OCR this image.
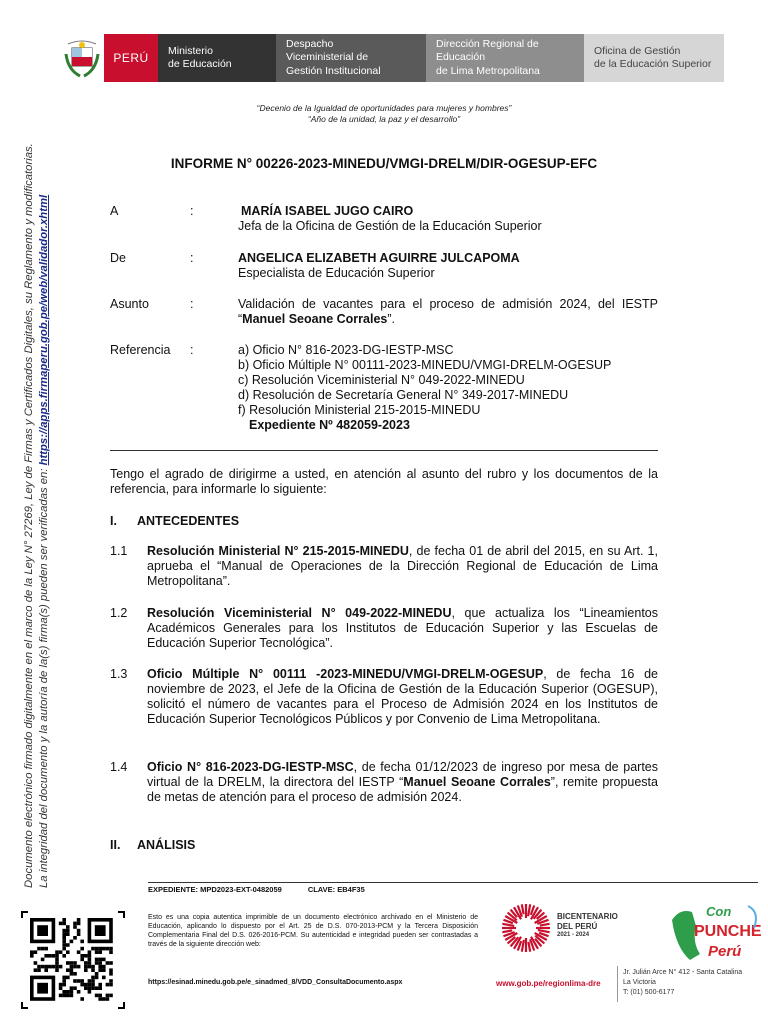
PERÚ
Ministerio
de Educación
Despacho
Viceministerial de
Gestión Institucional
Dirección Regional de
Educación
de Lima Metropolitana
Oficina de Gestión
de la Educación Superior
“Decenio de la Igualdad de oportunidades para mujeres y hombres”
“Año de la unidad, la paz y el desarrollo”
INFORME N° 00226-2023-MINEDU/VMGI-DRELM/DIR-OGESUP-EFC
A	:	MARÍA ISABEL JUGO CAIRO
Jefa de la Oficina de Gestión de la Educación Superior
De	:	ANGELICA ELIZABETH AGUIRRE JULCAPOMA
Especialista de Educación Superior
Asunto	:	Validación de vacantes para el proceso de admisión 2024, del IESTP “Manuel Seoane Corrales”.
Referencia	:	a) Oficio N° 816-2023-DG-IESTP-MSC
b) Oficio Múltiple N° 00111-2023-MINEDU/VMGI-DRELM-OGESUP
c) Resolución Viceministerial N° 049-2022-MINEDU
d) Resolución de Secretaría General N° 349-2017-MINEDU
f) Resolución Ministerial 215-2015-MINEDU
Expediente Nº 482059-2023
Tengo el agrado de dirigirme a usted, en atención al asunto del rubro y los documentos de la referencia, para informarle lo siguiente:
I. ANTECEDENTES
1.1	Resolución Ministerial N° 215-2015-MINEDU, de fecha 01 de abril del 2015, en su Art. 1, aprueba el “Manual de Operaciones de la Dirección Regional de Educación de Lima Metropolitana”.
1.2	Resolución Viceministerial N° 049-2022-MINEDU, que actualiza los “Lineamientos Académicos Generales para los Institutos de Educación Superior y las Escuelas de Educación Superior Tecnológica”.
1.3	Oficio Múltiple N° 00111 -2023-MINEDU/VMGI-DRELM-OGESUP, de fecha 16 de noviembre de 2023, el Jefe de la Oficina de Gestión de la Educación Superior (OGESUP), solicitó el número de vacantes para el Proceso de Admisión 2024 en los Institutos de Educación Superior Tecnológicos Públicos y por Convenio de Lima Metropolitana.
1.4	Oficio N° 816-2023-DG-IESTP-MSC, de fecha 01/12/2023 de ingreso por mesa de partes virtual de la DRELM, la directora del IESTP “Manuel Seoane Corrales”, remite propuesta de metas de atención para el proceso de admisión 2024.
II. ANÁLISIS
Documento electrónico firmado digitalmente en el marco de la Ley N° 27269, Ley de Firmas y Certificados Digitales, su Reglamento y modificatorias. La integridad del documento y la autoría de la(s) firma(s) pueden ser verificadas en: https://apps.firmaperu.gob.pe/web/validador.xhtml
EXPEDIENTE: MPD2023-EXT-0482059	CLAVE: EB4F35
Esto es una copia autentica imprimible de un documento electrónico archivado en el Ministerio de Educación, aplicando lo dispuesto por el Art. 25 de D.S. 070-2013-PCM y la Tercera Disposición Complementaria Final del D.S. 026-2016-PCM. Su autenticidad e integridad pueden ser contrastadas a través de la siguiente dirección web:
https://esinad.minedu.gob.pe/e_sinadmed_8/VDD_ConsultaDocumento.aspx
BICENTENARIO
DEL PERÚ
2021 - 2024
Con
PUNCHE
Perú
www.gob.pe/regionlima-dre
Jr. Julián Arce N° 412 - Santa Catalina
La Victoria
T: (01) 500-6177
